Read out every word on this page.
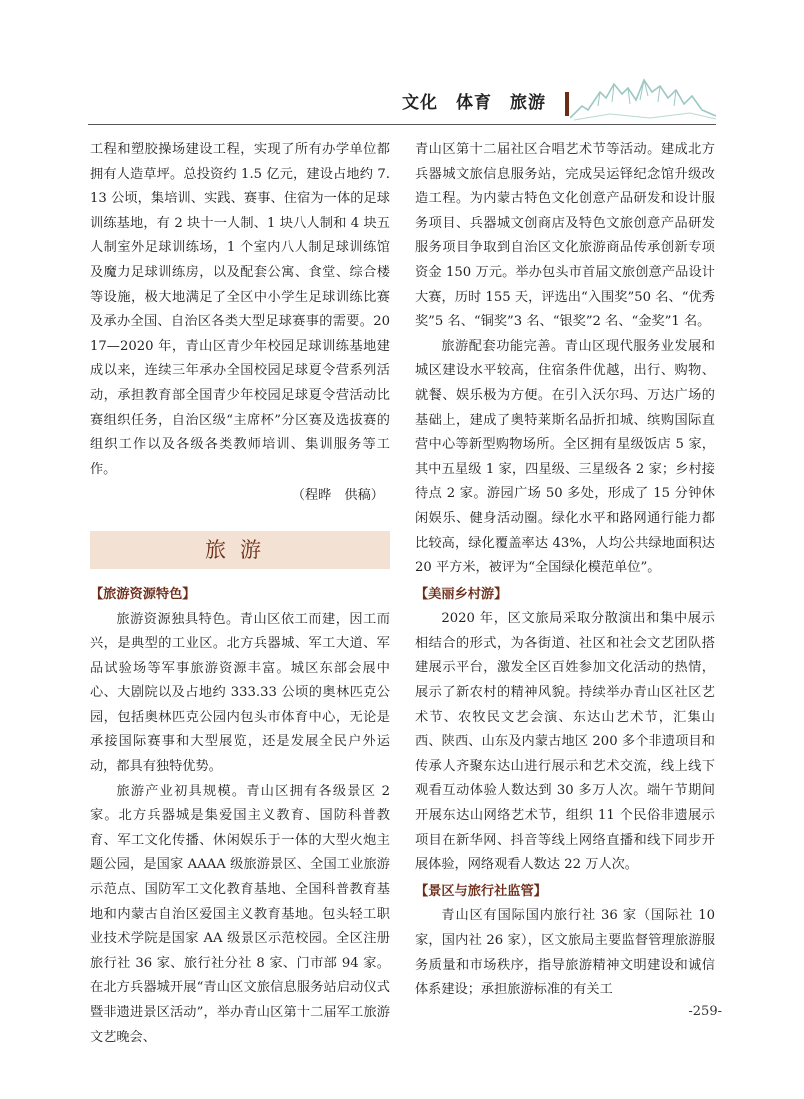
文化　体育　旅游

工程和塑胶操场建设工程，实现了所有办学单位都拥有人造草坪。总投资约 1.5 亿元，建设占地约 7.13 公顷，集培训、实践、赛事、住宿为一体的足球训练基地，有 2 块十一人制、1 块八人制和 4 块五人制室外足球训练场，1 个室内八人制足球训练馆及魔力足球训练房，以及配套公寓、食堂、综合楼等设施，极大地满足了全区中小学生足球训练比赛及承办全国、自治区各类大型足球赛事的需要。2017—2020 年，青山区青少年校园足球训练基地建成以来，连续三年承办全国校园足球夏令营系列活动，承担教育部全国青少年校园足球夏令营活动比赛组织任务，自治区级“主席杯”分区赛及选拔赛的组织工作以及各级各类教师培训、集训服务等工作。

（程晔　供稿）

旅游
【旅游资源特色】

旅游资源独具特色。青山区依工而建，因工而兴，是典型的工业区。北方兵器城、军工大道、军品试验场等军事旅游资源丰富。城区东部会展中心、大剧院以及占地约 333.33 公顷的奥林匹克公园，包括奥林匹克公园内包头市体育中心，无论是承接国际赛事和大型展览，还是发展全民户外运动，都具有独特优势。

旅游产业初具规模。青山区拥有各级景区 2 家。北方兵器城是集爱国主义教育、国防科普教育、军工文化传播、休闲娱乐于一体的大型火炮主题公园，是国家 AAAA 级旅游景区、全国工业旅游示范点、国防军工文化教育基地、全国科普教育基地和内蒙古自治区爱国主义教育基地。包头轻工职业技术学院是国家 AA 级景区示范校园。全区注册旅行社 36 家、旅行社分社 8 家、门市部 94 家。在北方兵器城开展“青山区文旅信息服务站启动仪式暨非遗进景区活动”，举办青山区第十二届军工旅游文艺晚会、

青山区第十二届社区合唱艺术节等活动。建成北方兵器城文旅信息服务站，完成吴运铎纪念馆升级改造工程。为内蒙古特色文化创意产品研发和设计服务项目、兵器城文创商店及特色文旅创意产品研发服务项目争取到自治区文化旅游商品传承创新专项资金 150 万元。举办包头市首届文旅创意产品设计大赛，历时 155 天，评选出“入围奖”50 名、“优秀奖”5 名、“铜奖”3 名、“银奖”2 名、“金奖”1 名。

旅游配套功能完善。青山区现代服务业发展和城区建设水平较高，住宿条件优越，出行、购物、就餐、娱乐极为方便。在引入沃尔玛、万达广场的基础上，建成了奥特莱斯名品折扣城、缤购国际直营中心等新型购物场所。全区拥有星级饭店 5 家，其中五星级 1 家，四星级、三星级各 2 家；乡村接待点 2 家。游园广场 50 多处，形成了 15 分钟休闲娱乐、健身活动圈。绿化水平和路网通行能力都比较高，绿化覆盖率达 43%，人均公共绿地面积达 20 平方米，被评为“全国绿化模范单位”。

【美丽乡村游】

2020 年，区文旅局采取分散演出和集中展示相结合的形式，为各街道、社区和社会文艺团队搭建展示平台，激发全区百姓参加文化活动的热情，展示了新农村的精神风貌。持续举办青山区社区艺术节、农牧民文艺会演、东达山艺术节，汇集山西、陕西、山东及内蒙古地区 200 多个非遗项目和传承人齐聚东达山进行展示和艺术交流，线上线下观看互动体验人数达到 30 多万人次。端午节期间开展东达山网络艺术节，组织 11 个民俗非遗展示项目在新华网、抖音等线上网络直播和线下同步开展体验，网络观看人数达 22 万人次。

【景区与旅行社监管】

青山区有国际国内旅行社 36 家（国际社 10 家，国内社 26 家），区文旅局主要监督管理旅游服务质量和市场秩序，指导旅游精神文明建设和诚信体系建设；承担旅游标准的有关工

-259-
